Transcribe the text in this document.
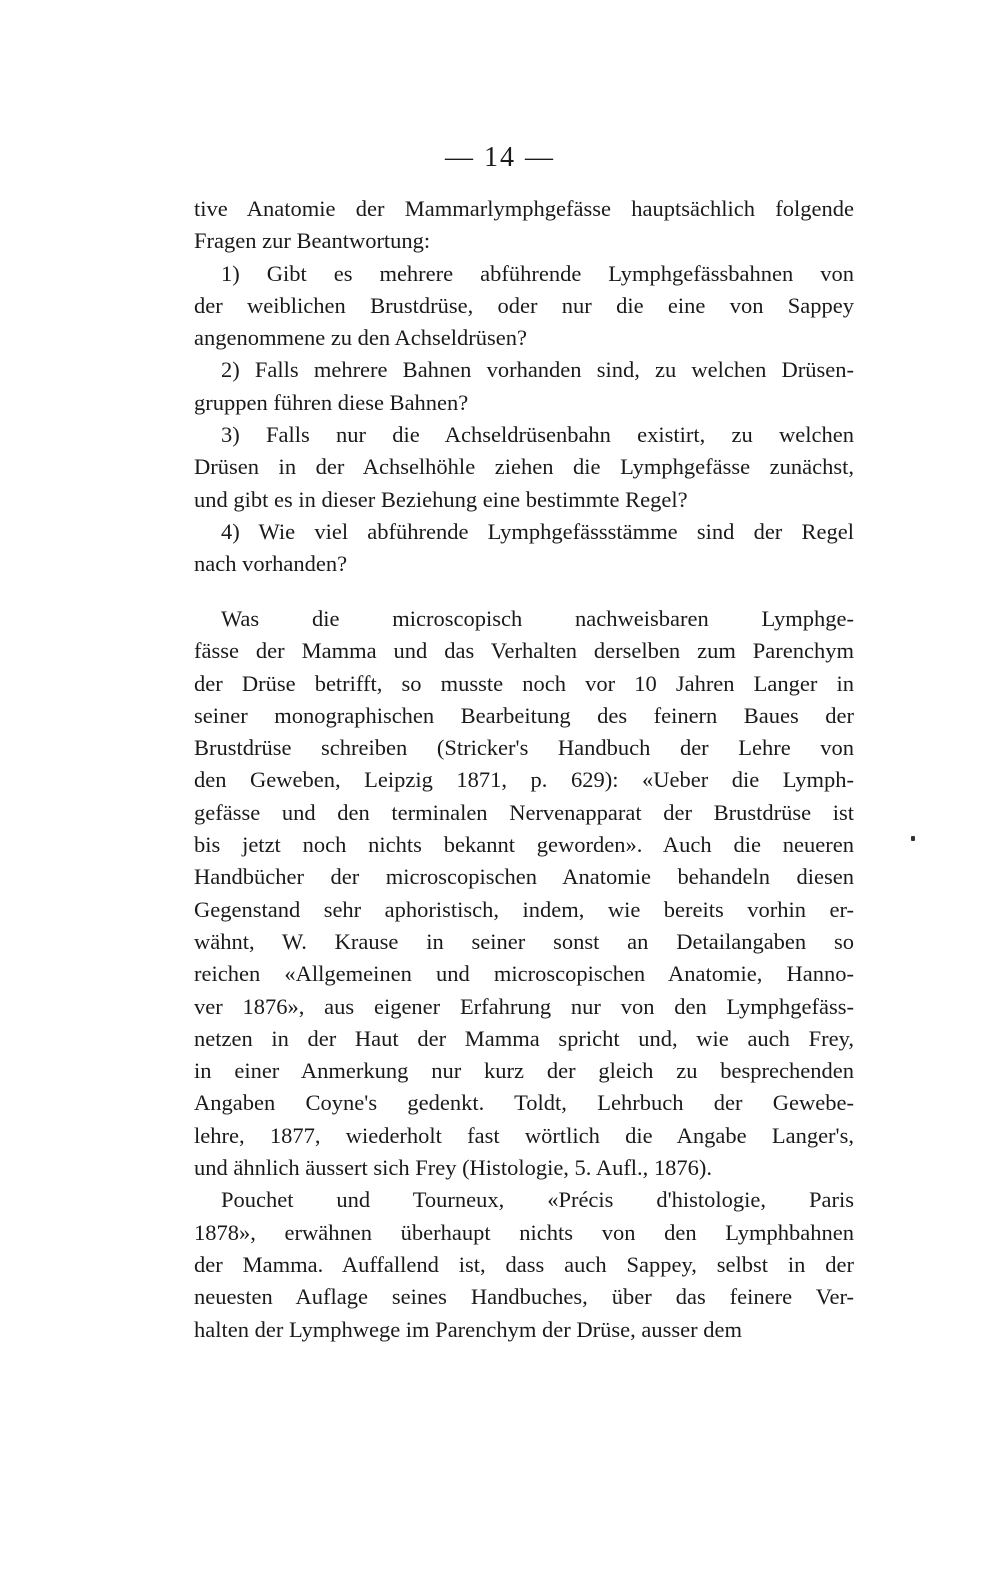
— 14 —
tive Anatomie der Mammarlymphgefässe hauptsächlich folgende
Fragen zur Beantwortung:
1) Gibt es mehrere abführende Lymphgefässbahnen von
der weiblichen Brustdrüse, oder nur die eine von Sappey
angenommene zu den Achseldrüsen?
2) Falls mehrere Bahnen vorhanden sind, zu welchen Drüsen-
gruppen führen diese Bahnen?
3) Falls nur die Achseldrüsenbahn existirt, zu welchen
Drüsen in der Achselhöhle ziehen die Lymphgefässe zunächst,
und gibt es in dieser Beziehung eine bestimmte Regel?
4) Wie viel abführende Lymphgefässstämme sind der Regel
nach vorhanden?
Was die microscopisch nachweisbaren Lymphge-
fässe der Mamma und das Verhalten derselben zum Parenchym
der Drüse betrifft, so musste noch vor 10 Jahren Langer in
seiner monographischen Bearbeitung des feinern Baues der
Brustdrüse schreiben (Stricker's Handbuch der Lehre von
den Geweben, Leipzig 1871, p. 629): «Ueber die Lymph-
gefässe und den terminalen Nervenapparat der Brustdrüse ist
bis jetzt noch nichts bekannt geworden». Auch die neueren
Handbücher der microscopischen Anatomie behandeln diesen
Gegenstand sehr aphoristisch, indem, wie bereits vorhin er-
wähnt, W. Krause in seiner sonst an Detailangaben so
reichen «Allgemeinen und microscopischen Anatomie, Hanno-
ver 1876», aus eigener Erfahrung nur von den Lymphgefäss-
netzen in der Haut der Mamma spricht und, wie auch Frey,
in einer Anmerkung nur kurz der gleich zu besprechenden
Angaben Coyne's gedenkt. Toldt, Lehrbuch der Gewebe-
lehre, 1877, wiederholt fast wörtlich die Angabe Langer's,
und ähnlich äussert sich Frey (Histologie, 5. Aufl., 1876).
Pouchet und Tourneux, «Précis d'histologie, Paris
1878», erwähnen überhaupt nichts von den Lymphbahnen
der Mamma. Auffallend ist, dass auch Sappey, selbst in der
neuesten Auflage seines Handbuches, über das feinere Ver-
halten der Lymphwege im Parenchym der Drüse, ausser dem
